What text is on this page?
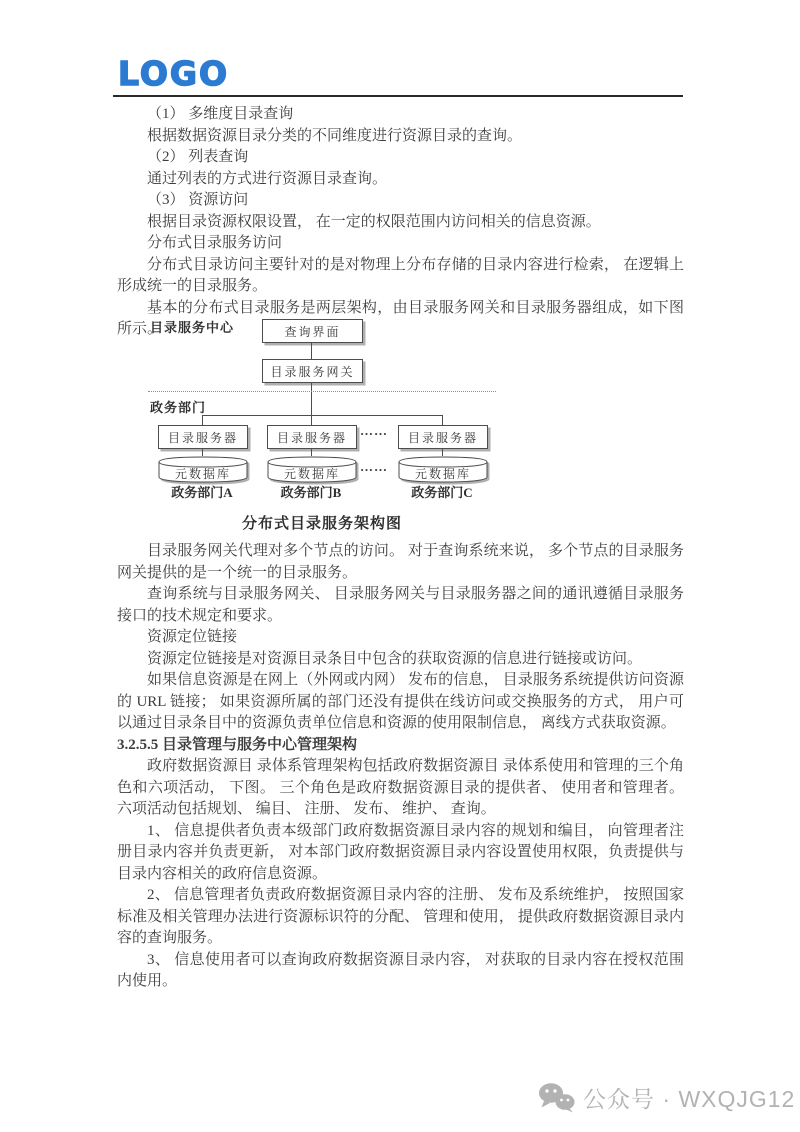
LOGO

（1） 多维度目录查询

根据数据资源目录分类的不同维度进行资源目录的查询。

（2） 列表查询

通过列表的方式进行资源目录查询。

（3） 资源访问

根据目录资源权限设置， 在一定的权限范围内访问相关的信息资源。

分布式目录服务访问

分布式目录访问主要针对的是对物理上分布存储的目录内容进行检索， 在逻辑上形成统一的目录服务。

基本的分布式目录服务是两层架构，由目录服务网关和目录服务器组成，如下图所示。

目录服务中心	查询界面
目录服务网关
政务部门
目录服务器	目录服务器	目录服务器
……
元数据库	元数据库	元数据库
……
政务部门A	政务部门B	政务部门C
分布式目录服务架构图

目录服务网关代理对多个节点的访问。 对于查询系统来说， 多个节点的目录服务网关提供的是一个统一的目录服务。

查询系统与目录服务网关、 目录服务网关与目录服务器之间的通讯遵循目录服务接口的技术规定和要求。

资源定位链接

资源定位链接是对资源目录条目中包含的获取资源的信息进行链接或访问。

如果信息资源是在网上（外网或内网） 发布的信息， 目录服务系统提供访问资源的 URL 链接； 如果资源所属的部门还没有提供在线访问或交换服务的方式， 用户可以通过目录条目中的资源负责单位信息和资源的使用限制信息， 离线方式获取资源。

3.2.5.5 目录管理与服务中心管理架构

政府数据资源目 录体系管理架构包括政府数据资源目 录体系使用和管理的三个角色和六项活动， 下图。 三个角色是政府数据资源目录的提供者、 使用者和管理者。 六项活动包括规划、 编目、 注册、 发布、 维护、 查询。

1、 信息提供者负责本级部门政府数据资源目录内容的规划和编目， 向管理者注册目录内容并负责更新， 对本部门政府数据资源目录内容设置使用权限，负责提供与目录内容相关的政府信息资源。

2、 信息管理者负责政府数据资源目录内容的注册、 发布及系统维护， 按照国家标准及相关管理办法进行资源标识符的分配、 管理和使用， 提供政府数据资源目录内容的查询服务。

3、 信息使用者可以查询政府数据资源目录内容， 对获取的目录内容在授权范围内使用。

公众号 · WXQJG12
